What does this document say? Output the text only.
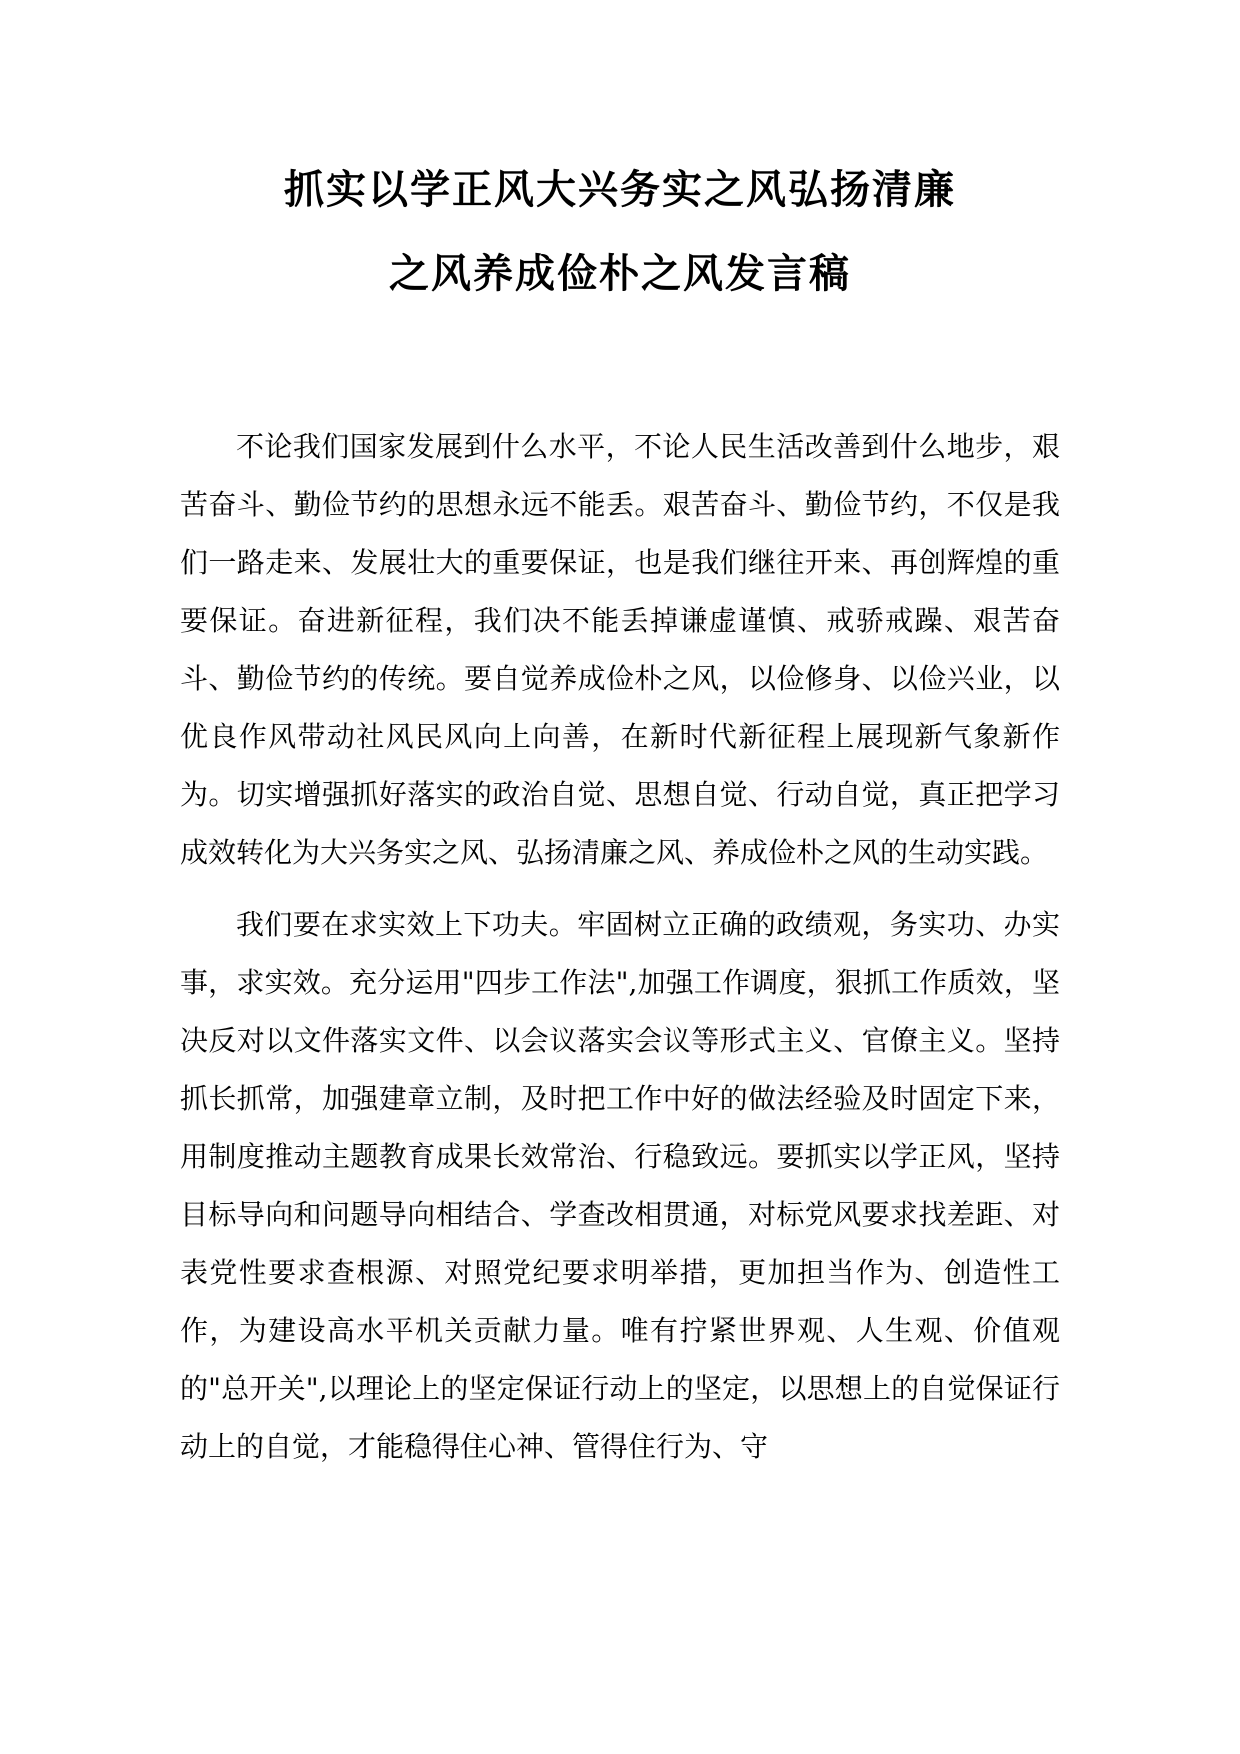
抓实以学正风大兴务实之风弘扬清廉
之风养成俭朴之风发言稿

不论我们国家发展到什么水平，不论人民生活改善到什么地步，艰苦奋斗、勤俭节约的思想永远不能丢。艰苦奋斗、勤俭节约，不仅是我们一路走来、发展壮大的重要保证，也是我们继往开来、再创辉煌的重要保证。奋进新征程，我们决不能丢掉谦虚谨慎、戒骄戒躁、艰苦奋斗、勤俭节约的传统。要自觉养成俭朴之风，以俭修身、以俭兴业，以优良作风带动社风民风向上向善，在新时代新征程上展现新气象新作为。切实增强抓好落实的政治自觉、思想自觉、行动自觉，真正把学习成效转化为大兴务实之风、弘扬清廉之风、养成俭朴之风的生动实践。

我们要在求实效上下功夫。牢固树立正确的政绩观，务实功、办实事，求实效。充分运用"四步工作法",加强工作调度，狠抓工作质效，坚决反对以文件落实文件、以会议落实会议等形式主义、官僚主义。坚持抓长抓常，加强建章立制，及时把工作中好的做法经验及时固定下来，用制度推动主题教育成果长效常治、行稳致远。要抓实以学正风，坚持目标导向和问题导向相结合、学查改相贯通，对标党风要求找差距、对表党性要求查根源、对照党纪要求明举措，更加担当作为、创造性工作，为建设高水平机关贡献力量。唯有拧紧世界观、人生观、价值观的"总开关",以理论上的坚定保证行动上的坚定，以思想上的自觉保证行动上的自觉，才能稳得住心神、管得住行为、守
